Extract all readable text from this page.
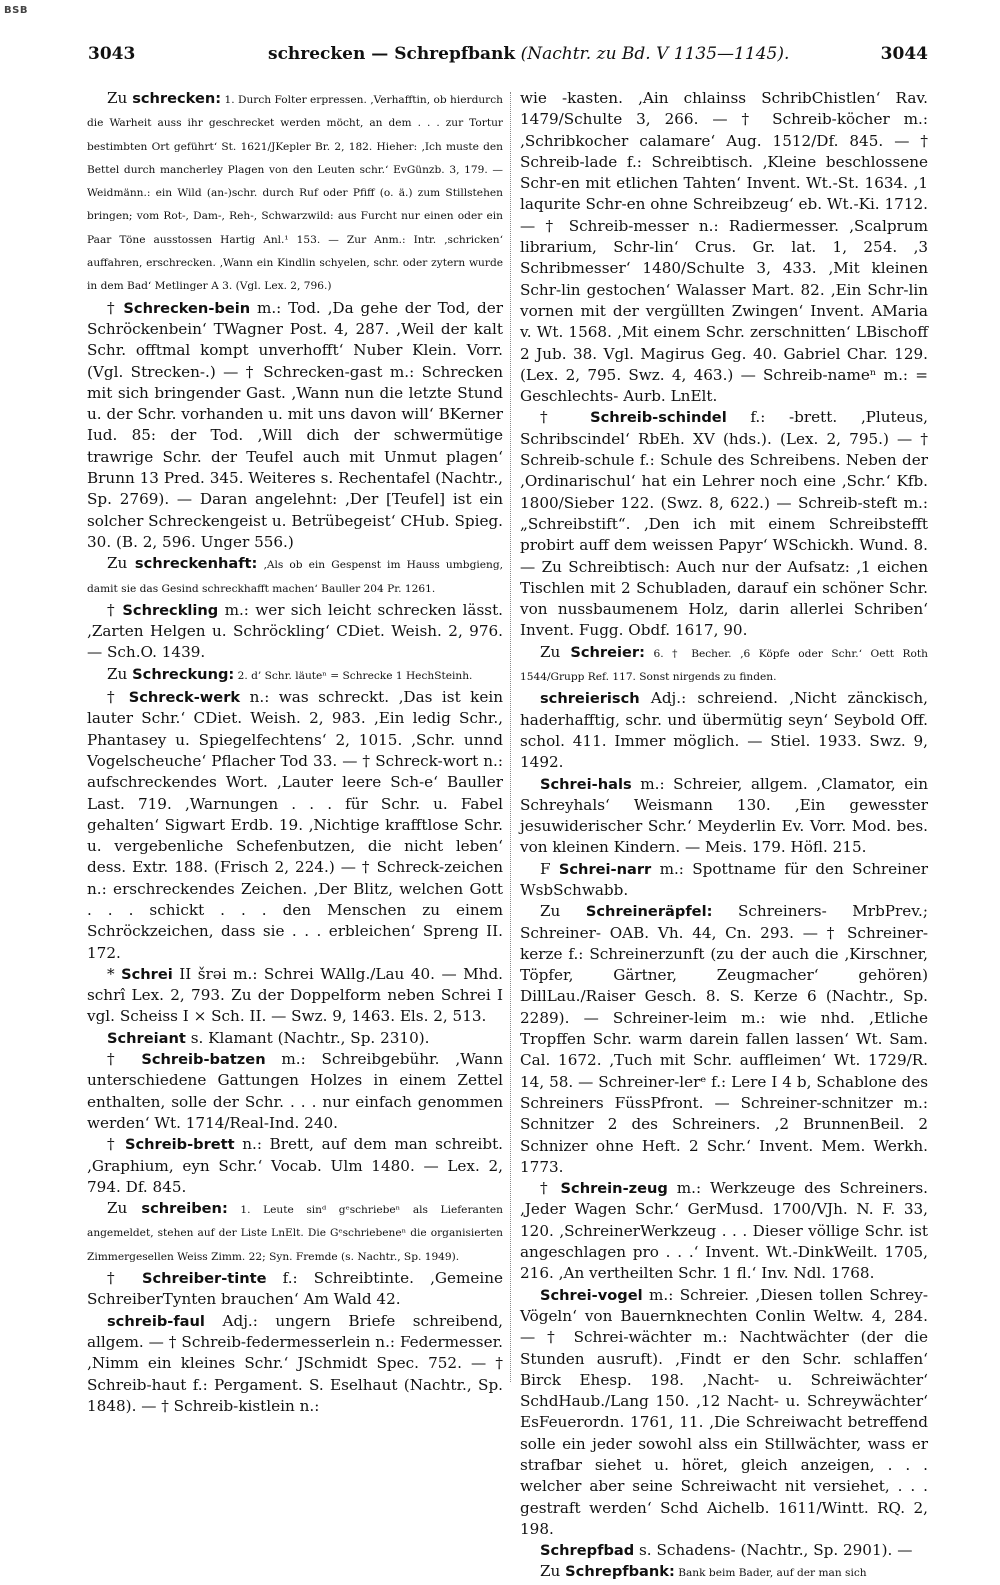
BSB
3043	schrecken — Schrepfbank (Nachtr. zu Bd. V 1135—1145).	3044

Zu schrecken: 1. Durch Folter erpressen. ‚Verhafftin, ob hierdurch die Warheit auss ihr geschrecket werden möcht, an dem . . . zur Tortur bestimbten Ort geführt‘ St. 1621/JKepler Br. 2, 182. Hieher: ‚Ich muste den Bettel durch mancherley Plagen von den Leuten schr.‘ EvGünzb. 3, 179. — Weidmänn.: ein Wild (an-)schr. durch Ruf oder Pfiff (o. ä.) zum Stillstehen bringen; vom Rot-, Dam-, Reh-, Schwarzwild: aus Furcht nur einen oder ein Paar Töne ausstossen Hartig Anl.¹ 153. — Zur Anm.: Intr. ‚schricken‘ auffahren, erschrecken. ‚Wann ein Kindlin schyelen, schr. oder zytern wurde in dem Bad‘ Metlinger A 3. (Vgl. Lex. 2, 796.)

† Schrecken-bein m.: Tod. ‚Da gehe der Tod, der Schröckenbein‘ TWagner Post. 4, 287. ‚Weil der kalt Schr. offtmal kompt unverhofft‘ Nuber Klein. Vorr. (Vgl. Strecken-.) — † Schrecken-gast m.: Schrecken mit sich bringender Gast. ‚Wann nun die letzte Stund u. der Schr. vorhanden u. mit uns davon will‘ BKerner Iud. 85: der Tod. ‚Will dich der schwermütige trawrige Schr. der Teufel auch mit Unmut plagen‘ Brunn 13 Pred. 345. Weiteres s. Rechentafel (Nachtr., Sp. 2769). — Daran angelehnt: ‚Der [Teufel] ist ein solcher Schreckengeist u. Betrübegeist‘ CHub. Spieg. 30. (B. 2, 596. Unger 556.)

Zu schreckenhaft: ‚Als ob ein Gespenst im Hauss umbgieng, damit sie das Gesind schreckhafft machen‘ Bauller 204 Pr. 1261.

† Schreckling m.: wer sich leicht schrecken lässt. ‚Zarten Helgen u. Schröckling‘ CDiet. Weish. 2, 976. — Sch.O. 1439.

Zu Schreckung: 2. d’ Schr. läuteⁿ = Schrecke 1 HechSteinh.

† Schreck-werk n.: was schreckt. ‚Das ist kein lauter Schr.‘ CDiet. Weish. 2, 983. ‚Ein ledig Schr., Phantasey u. Spiegelfechtens‘ 2, 1015. ‚Schr. unnd Vogelscheuche‘ Pflacher Tod 33. — † Schreck-wort n.: aufschreckendes Wort. ‚Lauter leere Sch-e‘ Bauller Last. 719. ‚Warnungen . . . für Schr. u. Fabel gehalten‘ Sigwart Erdb. 19. ‚Nichtige krafftlose Schr. u. vergebenliche Schefenbutzen, die nicht leben‘ dess. Extr. 188. (Frisch 2, 224.) — † Schreck-zeichen n.: erschreckendes Zeichen. ‚Der Blitz, welchen Gott . . . schickt . . . den Menschen zu einem Schröckzeichen, dass sie . . . erbleichen‘ Spreng II. 172.

* Schrei II šrəi m.: Schrei WAllg./Lau 40. — Mhd. schrî Lex. 2, 793. Zu der Doppelform neben Schrei I vgl. Scheiss I × Sch. II. — Swz. 9, 1463. Els. 2, 513.

Schreiant s. Klamant (Nachtr., Sp. 2310).

† Schreib-batzen m.: Schreibgebühr. ‚Wann unterschiedene Gattungen Holzes in einem Zettel enthalten, solle der Schr. . . . nur einfach genommen werden‘ Wt. 1714/Real-Ind. 240.

† Schreib-brett n.: Brett, auf dem man schreibt. ‚Graphium, eyn Schr.‘ Vocab. Ulm 1480. — Lex. 2, 794. Df. 845.

Zu schreiben: 1. Leute sinᵈ gᵉschriebeⁿ als Lieferanten angemeldet, stehen auf der Liste LnElt. Die Gᵉschriebeneⁿ die organisierten Zimmergesellen Weiss Zimm. 22; Syn. Fremde (s. Nachtr., Sp. 1949).

† Schreiber-tinte f.: Schreibtinte. ‚Gemeine SchreiberTynten brauchen‘ Am Wald 42.

schreib-faul Adj.: ungern Briefe schreibend, allgem. — † Schreib-federmesserlein n.: Federmesser. ‚Nimm ein kleines Schr.‘ JSchmidt Spec. 752. — † Schreib-haut f.: Pergament. S. Eselhaut (Nachtr., Sp. 1848). — † Schreib-kistlein n.:

wie -kasten. ‚Ain chlainss SchribChistlen‘ Rav. 1479/Schulte 3, 266. — † Schreib-köcher m.: ‚Schribkocher calamare‘ Aug. 1512/Df. 845. — † Schreib-lade f.: Schreibtisch. ‚Kleine beschlossene Schr-en mit etlichen Tahten‘ Invent. Wt.-St. 1634. ‚1 laqurite Schr-en ohne Schreibzeug‘ eb. Wt.-Ki. 1712. — † Schreib-messer n.: Radiermesser. ‚Scalprum librarium, Schr-lin‘ Crus. Gr. lat. 1, 254. ‚3 Schribmesser‘ 1480/Schulte 3, 433. ‚Mit kleinen Schr-lin gestochen‘ Walasser Mart. 82. ‚Ein Schr-lin vornen mit der vergüllten Zwingen‘ Invent. AMaria v. Wt. 1568. ‚Mit einem Schr. zerschnitten‘ LBischoff 2 Jub. 38. Vgl. Magirus Geg. 40. Gabriel Char. 129. (Lex. 2, 795. Swz. 4, 463.) — Schreib-nameⁿ m.: = Geschlechts- Aurb. LnElt.

† Schreib-schindel f.: -brett. ‚Pluteus, Schribscindel‘ RbEh. XV (hds.). (Lex. 2, 795.) — † Schreib-schule f.: Schule des Schreibens. Neben der ‚Ordinarischul‘ hat ein Lehrer noch eine ‚Schr.‘ Kfb. 1800/Sieber 122. (Swz. 8, 622.) — Schreib-steft m.: „Schreibstift“. ‚Den ich mit einem Schreibstefft probirt auff dem weissen Papyr‘ WSchickh. Wund. 8. — Zu Schreibtisch: Auch nur der Aufsatz: ‚1 eichen Tischlen mit 2 Schubladen, darauf ein schöner Schr. von nussbaumenem Holz, darin allerlei Schriben‘ Invent. Fugg. Obdf. 1617, 90.

Zu Schreier: 6. † Becher. ‚6 Köpfe oder Schr.‘ Oett Roth 1544/Grupp Ref. 117. Sonst nirgends zu finden.

schreierisch Adj.: schreiend. ‚Nicht zänckisch, haderhafftig, schr. und übermütig seyn‘ Seybold Off. schol. 411. Immer möglich. — Stiel. 1933. Swz. 9, 1492.

Schrei-hals m.: Schreier, allgem. ‚Clamator, ein Schreyhals‘ Weismann 130. ‚Ein gewesster jesuwiderischer Schr.‘ Meyderlin Ev. Vorr. Mod. bes. von kleinen Kindern. — Meis. 179. Höfl. 215.

F Schrei-narr m.: Spottname für den Schreiner WsbSchwabb.

Zu Schreineräpfel: Schreiners- MrbPrev.; Schreiner- OAB. Vh. 44, Cn. 293. — † Schreiner-kerze f.: Schreinerzunft (zu der auch die ‚Kirschner, Töpfer, Gärtner, Zeugmacher‘ gehören) DillLau./Raiser Gesch. 8. S. Kerze 6 (Nachtr., Sp. 2289). — Schreiner-leim m.: wie nhd. ‚Etliche Tropffen Schr. warm darein fallen lassen‘ Wt. Sam. Cal. 1672. ‚Tuch mit Schr. auffleimen‘ Wt. 1729/R. 14, 58. — Schreiner-lerᵉ f.: Lere I 4 b, Schablone des Schreiners FüssPfront. — Schreiner-schnitzer m.: Schnitzer 2 des Schreiners. ‚2 BrunnenBeil. 2 Schnizer ohne Heft. 2 Schr.‘ Invent. Mem. Werkh. 1773.

† Schrein-zeug m.: Werkzeuge des Schreiners. ‚Jeder Wagen Schr.‘ GerMusd. 1700/VJh. N. F. 33, 120. ‚SchreinerWerkzeug . . . Dieser völlige Schr. ist angeschlagen pro . . .‘ Invent. Wt.-DinkWeilt. 1705, 216. ‚An vertheilten Schr. 1 fl.‘ Inv. Ndl. 1768.

Schrei-vogel m.: Schreier. ‚Diesen tollen Schrey-Vögeln‘ von Bauernknechten Conlin Weltw. 4, 284. — † Schrei-wächter m.: Nachtwächter (der die Stunden ausruft). ‚Findt er den Schr. schlaffen‘ Birck Ehesp. 198. ‚Nacht- u. Schreiwächter‘ SchdHaub./Lang 150. ‚12 Nacht- u. Schreywächter‘ EsFeuerordn. 1761, 11. ‚Die Schreiwacht betreffend solle ein jeder sowohl alss ein Stillwächter, wass er strafbar siehet u. höret, gleich anzeigen, . . . welcher aber seine Schreiwacht nit versiehet, . . . gestraft werden‘ Schd Aichelb. 1611/Wintt. RQ. 2, 198.

Schrepfbad s. Schadens- (Nachtr., Sp. 2901). —

Zu Schrepfbank: Bank beim Bader, auf der man sich
